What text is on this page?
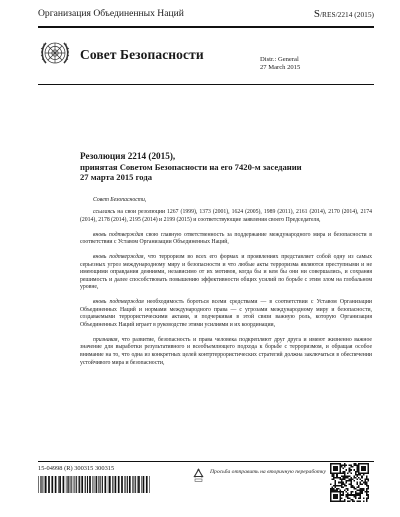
Организация Объединенных Наций	S/RES/2214 (2015)
Совет Безопасности	Distr.: General
27 March 2015
Резолюция 2214 (2015),
принятая Советом Безопасности на его 7420-м заседании 27 марта 2015 года

Совет Безопасности,

ссылаясь на свои резолюции 1267 (1999), 1373 (2001), 1624 (2005), 1989 (2011), 2161 (2014), 2170 (2014), 2174 (2014), 2178 (2014), 2195 (2014) и 2199 (2015) и соответствующие заявления своего Председателя,

вновь подтверждая свою главную ответственность за поддержание международного мира и безопасности в соответствии с Уставом Организации Объединенных Наций,

вновь подтверждая, что терроризм во всех его формах и проявлениях представляет собой одну из самых серьезных угроз международному миру и безопасности и что любые акты терроризма являются преступными и не имеющими оправдания деяниями, независимо от их мотивов, когда бы и кем бы они ни совершались, и сохраняя решимость и далее способствовать повышению эффективности общих усилий по борьбе с этим злом на глобальном уровне,

вновь подтверждая необходимость бороться всеми средствами — в соответствии с Уставом Организации Объединенных Наций и нормами международного права — с угрозами международному миру и безопасности, создаваемыми террористическими актами, и подчеркивая в этой связи важную роль, которую Организация Объединенных Наций играет в руководстве этими усилиями и их координации,

признавая, что развитие, безопасность и права человека подкрепляют друг друга и имеют жизненно важное значение для выработки результативного и всеобъемлющего подхода к борьбе с терроризмом, и обращая особое внимание на то, что одна из конкретных целей контртеррористических стратегий должна заключаться в обеспечении устойчивого мира и безопасности,

15-04998 (R) 300315 300315	Просьба отправить на вторичную переработку
